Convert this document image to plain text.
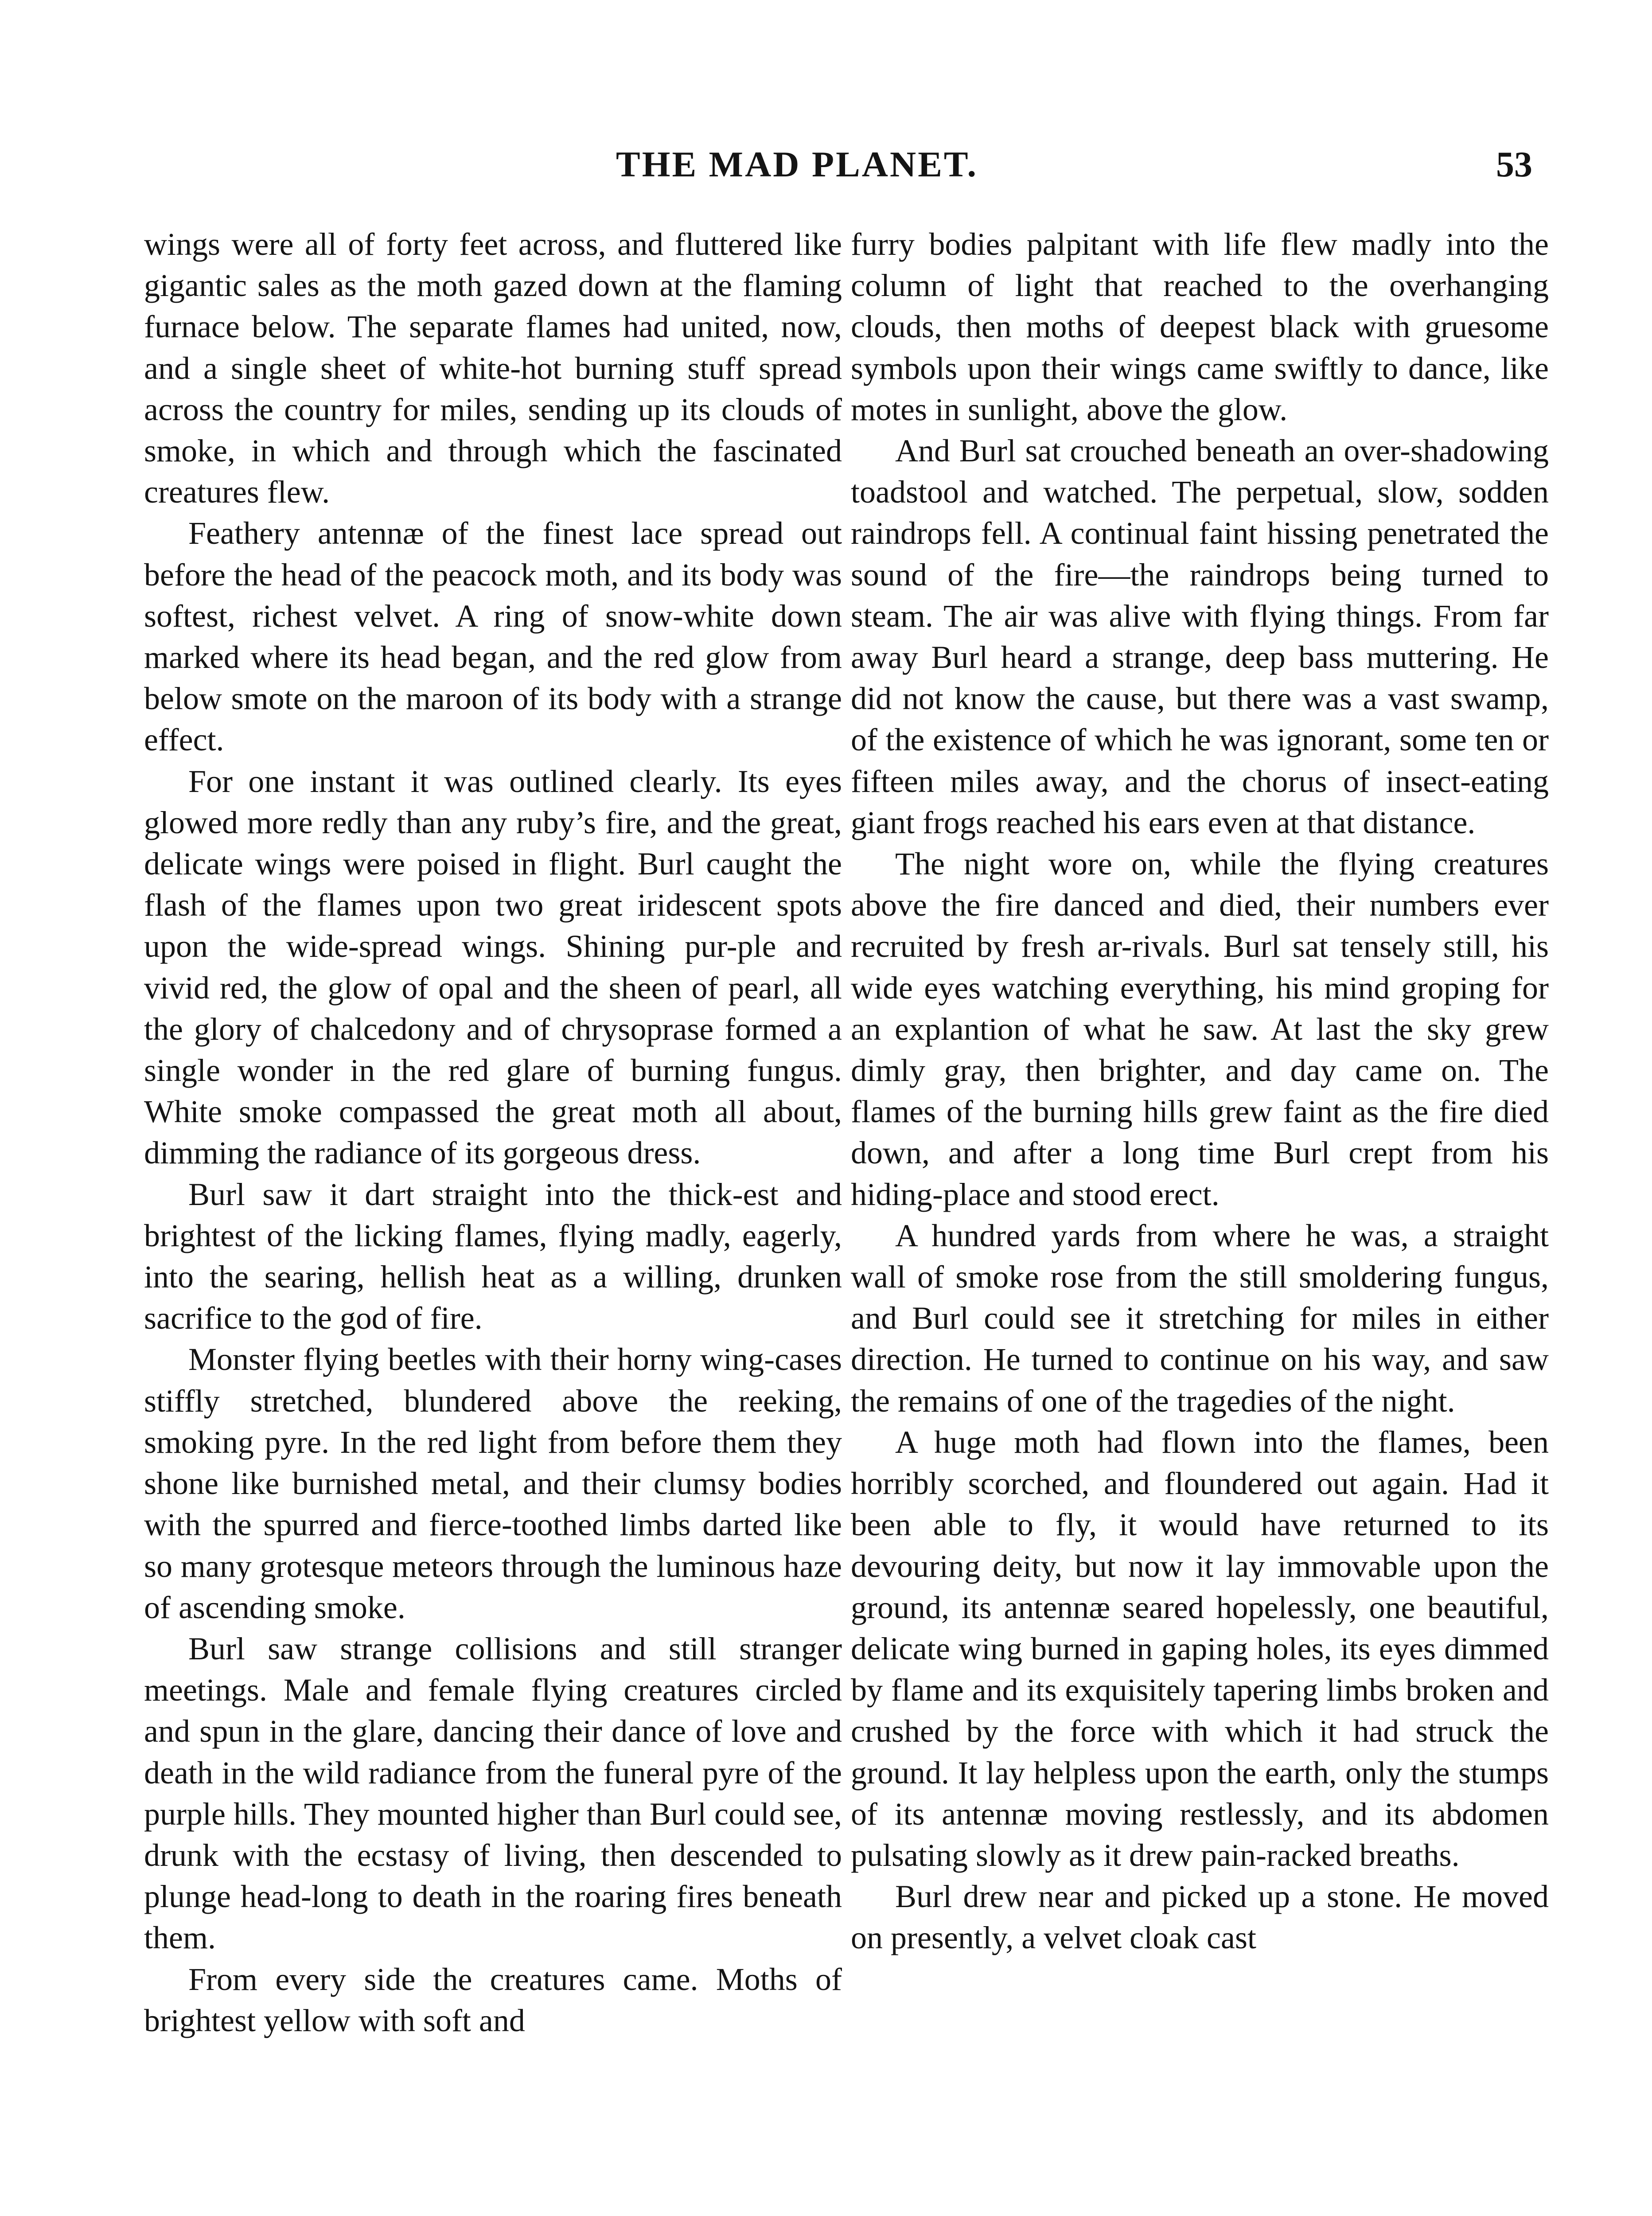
THE MAD PLANET.	53

wings were all of forty feet across, and fluttered like gigantic sales as the moth gazed down at the flaming furnace below. The separate flames had united, now, and a single sheet of white-hot burning stuff spread across the country for miles, sending up its clouds of smoke, in which and through which the fascinated creatures flew.

Feathery antennæ of the finest lace spread out before the head of the peacock moth, and its body was softest, richest velvet. A ring of snow-white down marked where its head began, and the red glow from below smote on the maroon of its body with a strange effect.

For one instant it was outlined clearly. Its eyes glowed more redly than any ruby’s fire, and the great, delicate wings were poised in flight. Burl caught the flash of the flames upon two great iridescent spots upon the wide-spread wings. Shining pur-ple and vivid red, the glow of opal and the sheen of pearl, all the glory of chalcedony and of chrysoprase formed a single wonder in the red glare of burning fungus. White smoke compassed the great moth all about, dimming the radiance of its gorgeous dress.

Burl saw it dart straight into the thick-est and brightest of the licking flames, flying madly, eagerly, into the searing, hellish heat as a willing, drunken sacrifice to the god of fire.

Monster flying beetles with their horny wing-cases stiffly stretched, blundered above the reeking, smoking pyre. In the red light from before them they shone like burnished metal, and their clumsy bodies with the spurred and fierce-toothed limbs darted like so many grotesque meteors through the luminous haze of ascending smoke.

Burl saw strange collisions and still stranger meetings. Male and female flying creatures circled and spun in the glare, dancing their dance of love and death in the wild radiance from the funeral pyre of the purple hills. They mounted higher than Burl could see, drunk with the ecstasy of living, then descended to plunge head-long to death in the roaring fires beneath them.

From every side the creatures came. Moths of brightest yellow with soft and

furry bodies palpitant with life flew madly into the column of light that reached to the overhanging clouds, then moths of deepest black with gruesome symbols upon their wings came swiftly to dance, like motes in sunlight, above the glow.

And Burl sat crouched beneath an over-shadowing toadstool and watched. The perpetual, slow, sodden raindrops fell. A continual faint hissing penetrated the sound of the fire—the raindrops being turned to steam. The air was alive with flying things. From far away Burl heard a strange, deep bass muttering. He did not know the cause, but there was a vast swamp, of the existence of which he was ignorant, some ten or fifteen miles away, and the chorus of insect-eating giant frogs reached his ears even at that distance.

The night wore on, while the flying creatures above the fire danced and died, their numbers ever recruited by fresh ar-rivals. Burl sat tensely still, his wide eyes watching everything, his mind groping for an explantion of what he saw. At last the sky grew dimly gray, then brighter, and day came on. The flames of the burning hills grew faint as the fire died down, and after a long time Burl crept from his hiding-place and stood erect.

A hundred yards from where he was, a straight wall of smoke rose from the still smoldering fungus, and Burl could see it stretching for miles in either direction. He turned to continue on his way, and saw the remains of one of the tragedies of the night.

A huge moth had flown into the flames, been horribly scorched, and floundered out again. Had it been able to fly, it would have returned to its devouring deity, but now it lay immovable upon the ground, its antennæ seared hopelessly, one beautiful, delicate wing burned in gaping holes, its eyes dimmed by flame and its exquisitely tapering limbs broken and crushed by the force with which it had struck the ground. It lay helpless upon the earth, only the stumps of its antennæ moving restlessly, and its abdomen pulsating slowly as it drew pain-racked breaths.

Burl drew near and picked up a stone. He moved on presently, a velvet cloak cast
